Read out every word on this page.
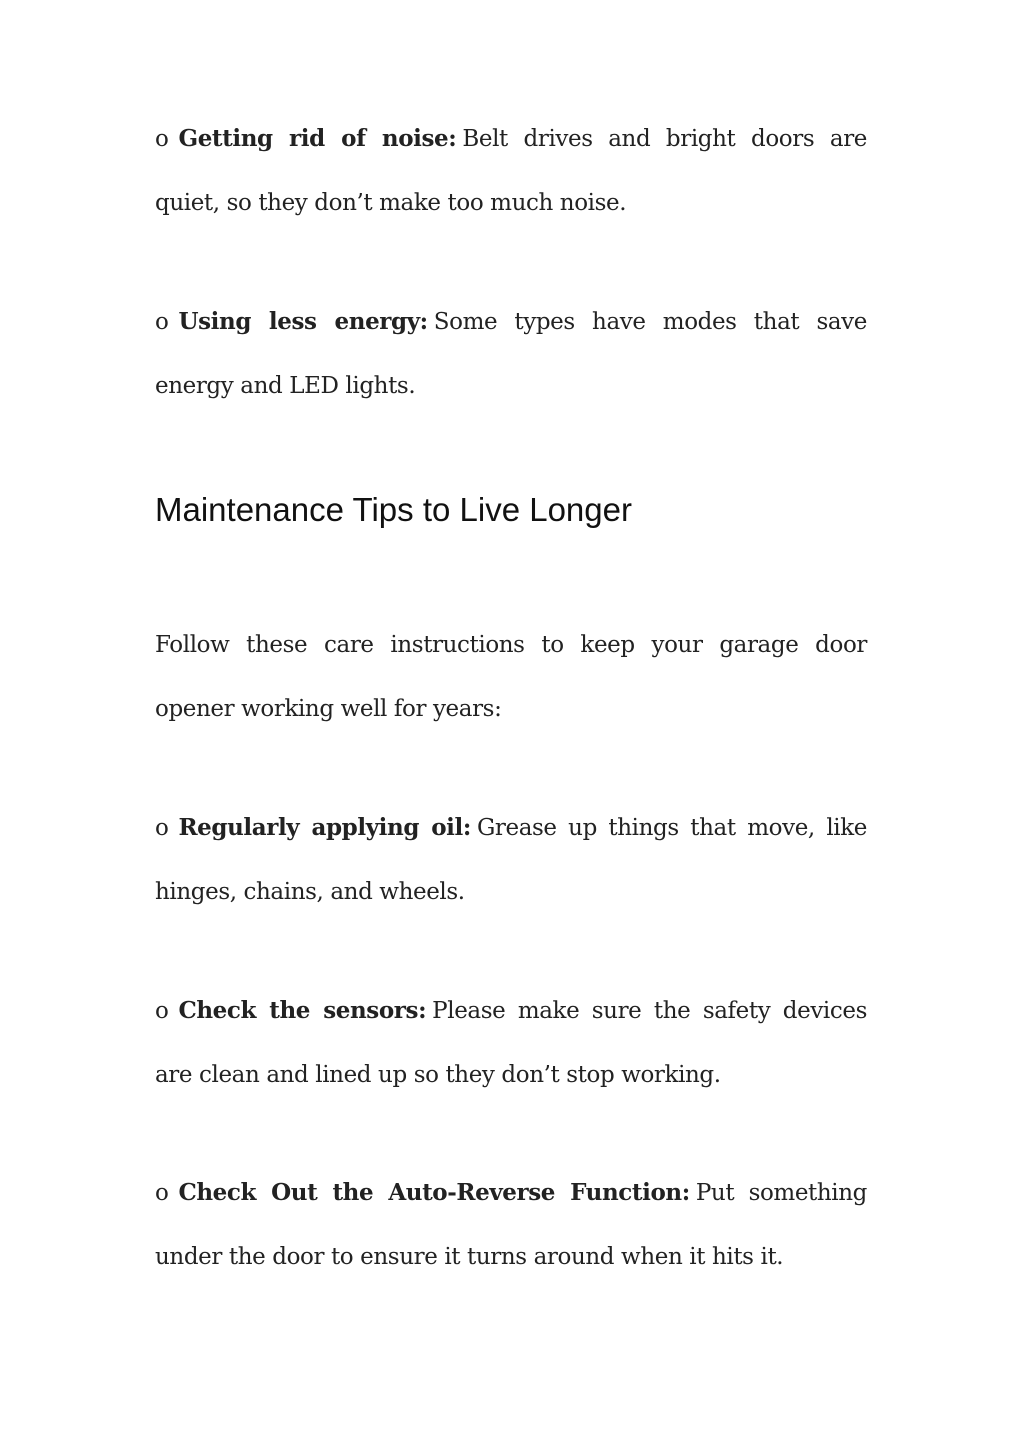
o Getting rid of noise: Belt drives and bright doors are quiet, so they don’t make too much noise.

o Using less energy: Some types have modes that save energy and LED lights.

Maintenance Tips to Live Longer

Follow these care instructions to keep your garage door opener working well for years:

o Regularly applying oil: Grease up things that move, like hinges, chains, and wheels.

o Check the sensors: Please make sure the safety devices are clean and lined up so they don’t stop working.

o Check Out the Auto-Reverse Function: Put something under the door to ensure it turns around when it hits it.
